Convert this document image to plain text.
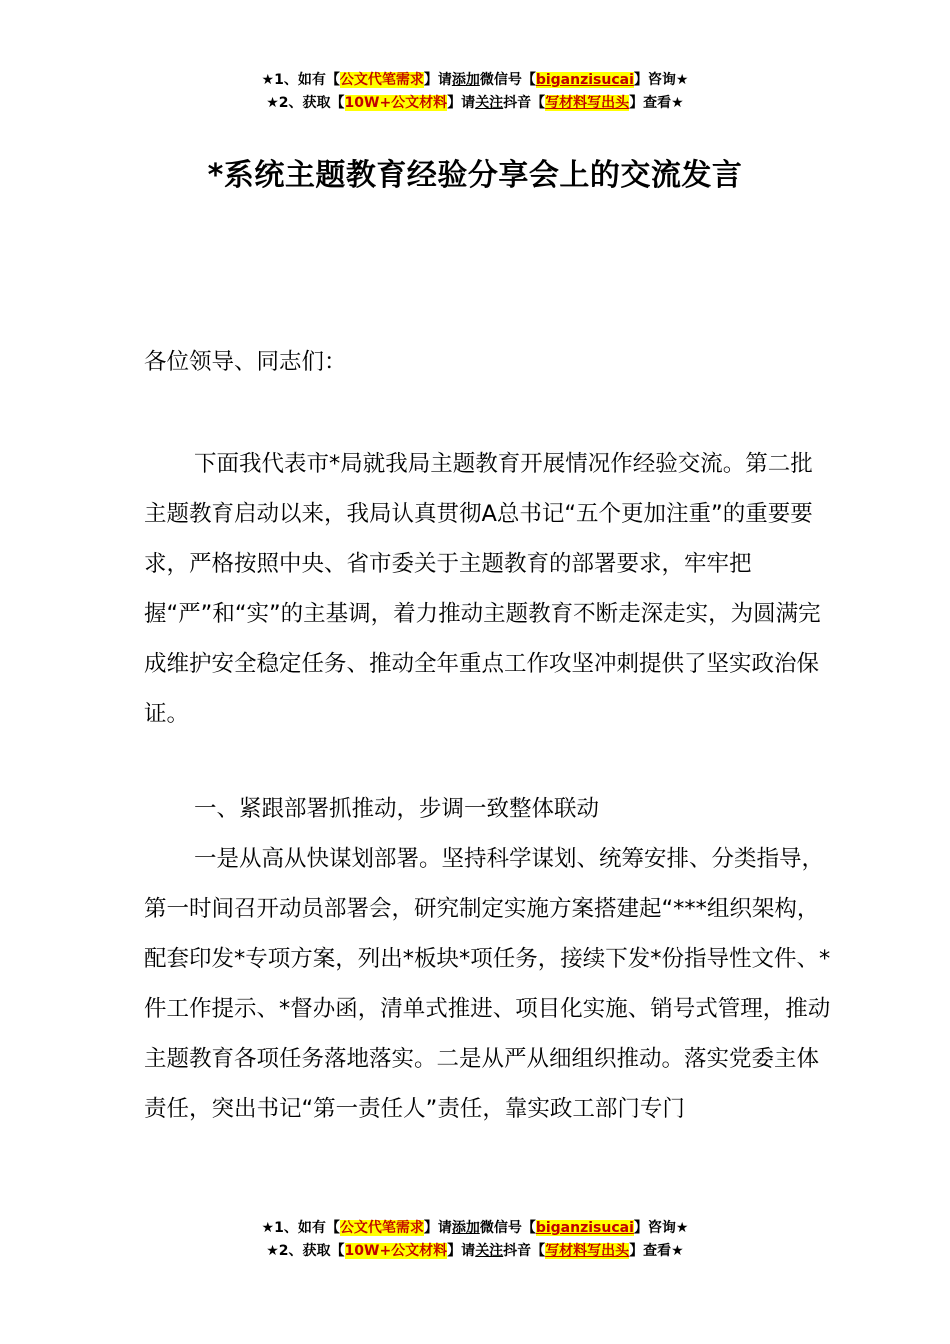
★1、如有【公文代笔需求】请添加微信号【biganzisucai】咨询★
★2、获取【10W+公文材料】请关注抖音【写材料写出头】查看★
*系统主题教育经验分享会上的交流发言
各位领导、同志们：
下面我代表市*局就我局主题教育开展情况作经验交流。第二批主题教育启动以来，我局认真贯彻A总书记“五个更加注重”的重要要求，严格按照中央、省市委关于主题教育的部署要求，牢牢把握“严”和“实”的主基调，着力推动主题教育不断走深走实，为圆满完成维护安全稳定任务、推动全年重点工作攻坚冲刺提供了坚实政治保证。
一、紧跟部署抓推动，步调一致整体联动
一是从高从快谋划部署。坚持科学谋划、统筹安排、分类指导，第一时间召开动员部署会，研究制定实施方案搭建起“***组织架构，配套印发*专项方案，列出*板块*项任务，接续下发*份指导性文件、*件工作提示、*督办函，清单式推进、项目化实施、销号式管理，推动主题教育各项任务落地落实。二是从严从细组织推动。落实党委主体责任，突出书记“第一责任人”责任，靠实政工部门专门
★1、如有【公文代笔需求】请添加微信号【biganzisucai】咨询★
★2、获取【10W+公文材料】请关注抖音【写材料写出头】查看★
